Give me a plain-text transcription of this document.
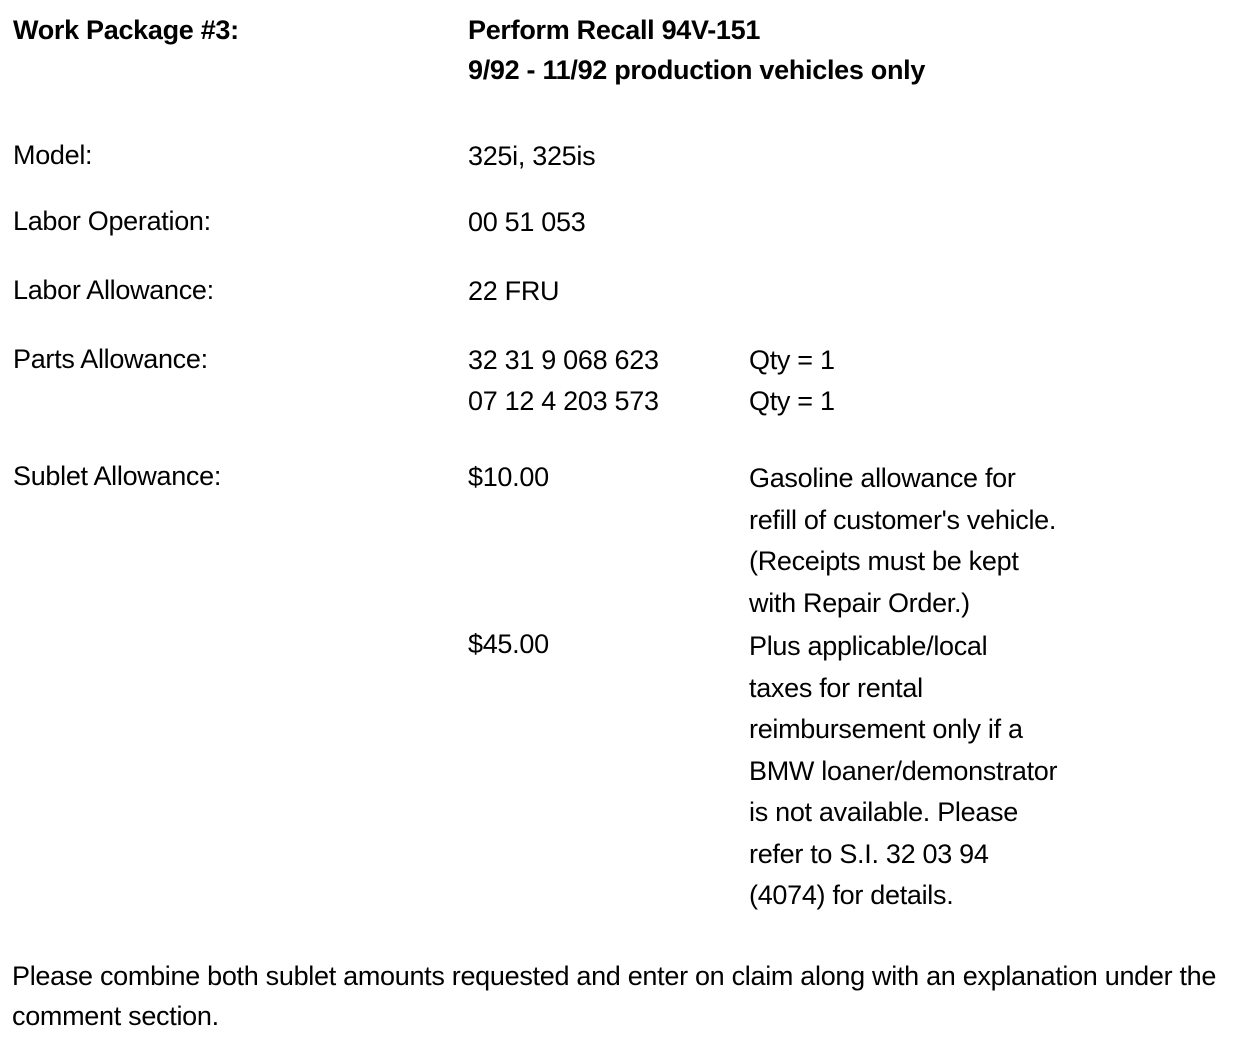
Work Package #3:	Perform Recall 94V-151
9/92 - 11/92 production vehicles only
Model:	325i, 325is
Labor Operation:	00 51 053
Labor Allowance:	22 FRU
Parts Allowance:	32 31 9 068 623	Qty = 1
07 12 4 203 573	Qty = 1
Sublet Allowance:	$10.00	Gasoline allowance for
refill of customer's vehicle.
(Receipts must be kept
with Repair Order.)
$45.00	Plus applicable/local
taxes for rental
reimbursement only if a
BMW loaner/demonstrator
is not available. Please
refer to S.I. 32 03 94
(4074) for details.
Please combine both sublet amounts requested and enter on claim along with an explanation under the comment section.
